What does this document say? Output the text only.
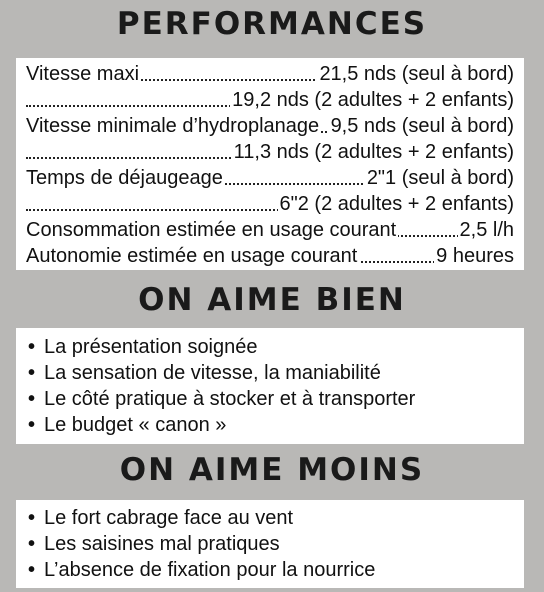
PERFORMANCES
Vitesse maxi	21,5 nds (seul à bord)
19,2 nds (2 adultes + 2 enfants)
Vitesse minimale d’hydroplanage 9,5 nds (seul à bord)
11,3 nds (2 adultes + 2 enfants)
Temps de déjaugeage	2"1 (seul à bord)
6"2 (2 adultes + 2 enfants)
Consommation estimée en usage courant	2,5 l/h
Autonomie estimée en usage courant	9 heures
ON AIME BIEN
• La présentation soignée
• La sensation de vitesse, la maniabilité
• Le côté pratique à stocker et à transporter
• Le budget « canon »
ON AIME MOINS
• Le fort cabrage face au vent
• Les saisines mal pratiques
• L’absence de fixation pour la nourrice
